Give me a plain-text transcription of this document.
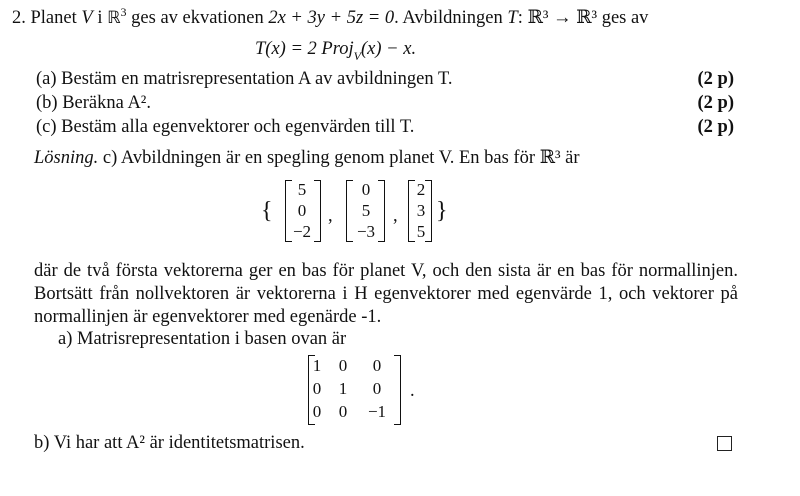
2. Planet V i ℝ$^3$ ges av ekvationen 2x + 3y + 5z = 0. Avbildningen T: ℝ³ → ℝ³ ges av
T(x) = 2 Proj$_V$(x) − x.
(a) Bestäm en matrisrepresentation A av avbildningen T.	(2 p)
(b) Beräkna A².	(2 p)
(c) Bestäm alla egenvektorer och egenvärden till T.	(2 p)
Lösning. c) Avbildningen är en spegling genom planet V. En bas för ℝ³ är
{
5
0
−2
,
0
5
−3
,
2
3
5
}
där de två första vektorerna ger en bas för planet V, och den sista är en bas för normallinjen. Bortsätt från nollvektoren är vektorerna i H egenvektorer med egenvärde 1, och vektorer på normallinjen är egenvektorer med egenärde -1.
a) Matrisrepresentation i basen ovan är
1	0	0
0	1	0
0	0	−1
.
b) Vi har att A² är identitetsmatrisen.
